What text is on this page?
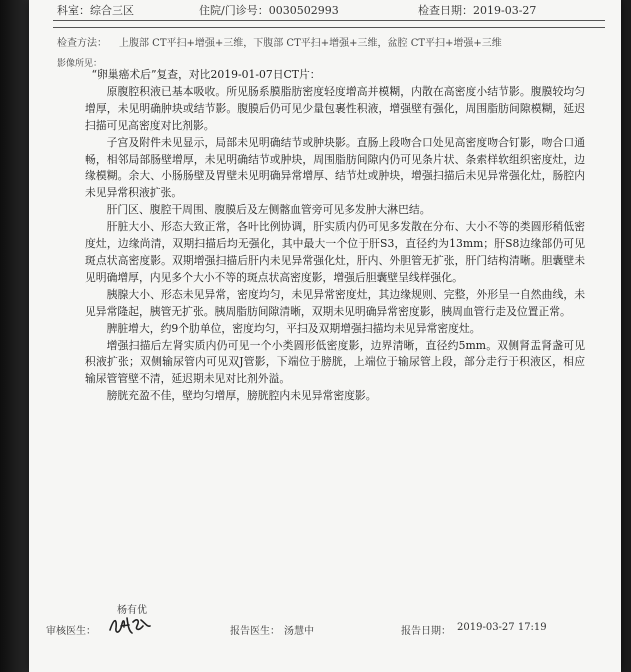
科室：综合三区	住院/门诊号：0030502993	检查日期：2019-03-27
检查方法： 上腹部 CT平扫+增强+三维，下腹部 CT平扫+增强+三维，盆腔 CT平扫+增强+三维
影像所见：

“卵巢癌术后”复查，对比2019-01-07日CT片：

原腹腔积液已基本吸收。所见肠系膜脂肪密度轻度增高并模糊，内散在高密度小结节影。腹膜较均匀增厚，未见明确肿块或结节影。腹膜后仍可见少量包裹性积液，增强壁有强化，周围脂肪间隙模糊，延迟扫描可见高密度对比剂影。

子宫及附件未见显示，局部未见明确结节或肿块影。直肠上段吻合口处见高密度吻合钉影，吻合口通畅，相邻局部肠壁增厚，未见明确结节或肿块，周围脂肪间隙内仍可见条片状、条索样软组织密度灶，边缘模糊。余大、小肠肠壁及胃壁未见明确异常增厚、结节灶或肿块，增强扫描后未见异常强化灶，肠腔内未见异常积液扩张。

肝门区、腹腔干周围、腹膜后及左侧髂血管旁可见多发肿大淋巴结。

肝脏大小、形态大致正常，各叶比例协调，肝实质内仍可见多发散在分布、大小不等的类圆形稍低密度灶，边缘尚清，双期扫描后均无强化，其中最大一个位于肝S3，直径约为13mm；肝S8边缘部仍可见斑点状高密度影。双期增强扫描后肝内未见异常强化灶，肝内、外胆管无扩张，肝门结构清晰。胆囊壁未见明确增厚，内见多个大小不等的斑点状高密度影，增强后胆囊壁呈线样强化。

胰腺大小、形态未见异常，密度均匀，未见异常密度灶，其边缘规则、完整，外形呈一自然曲线，未见异常隆起，胰管无扩张。胰周脂肪间隙清晰，双期未见明确异常密度影，胰周血管行走及位置正常。

脾脏增大，约9个肋单位，密度均匀，平扫及双期增强扫描均未见异常密度灶。

增强扫描后左肾实质内仍可见一个小类圆形低密度影，边界清晰，直径约5mm。双侧肾盂肾盏可见积液扩张；双侧输尿管内可见双J管影，下端位于膀胱，上端位于输尿管上段，部分走行于积液区，相应输尿管管壁不清，延迟期未见对比剂外溢。

膀胱充盈不佳，壁均匀增厚，膀胱腔内未见异常密度影。

杨有优
审核医生：	报告医生： 汤慧中	报告日期： 2019-03-27 17:19
